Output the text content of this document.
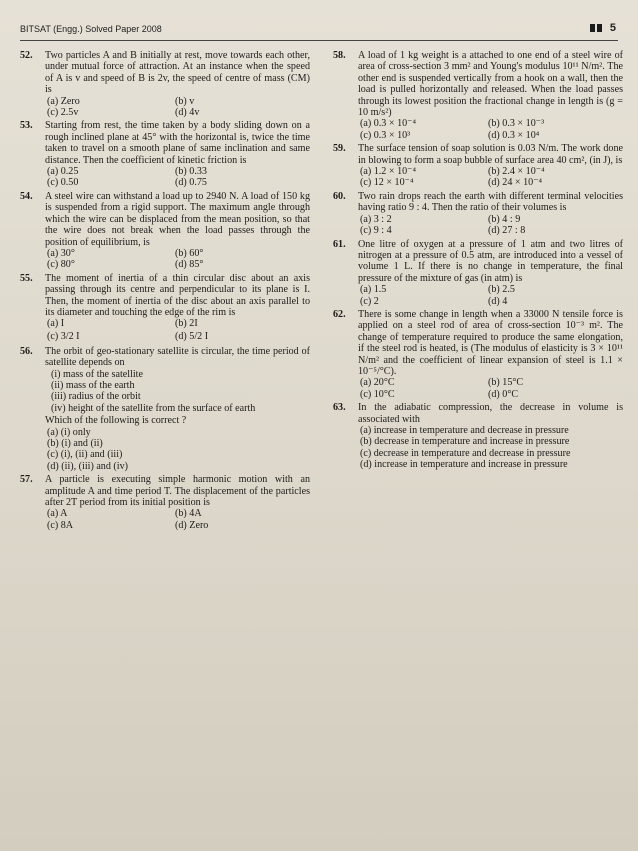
BITSAT (Engg.) Solved Paper 2008	5
52. Two particles A and B initially at rest, move towards each other, under mutual force of attraction. At an instance when the speed of A is v and speed of B is 2v, the speed of centre of mass (CM) is
(a) Zero	(b) v
(c) 2.5v	(d) 4v
53. Starting from rest, the time taken by a body sliding down on a rough inclined plane at 45° with the horizontal is, twice the time taken to travel on a smooth plane of same inclination and same distance. Then the coefficient of kinetic friction is
(a) 0.25	(b) 0.33
(c) 0.50	(d) 0.75
54. A steel wire can withstand a load up to 2940 N. A load of 150 kg is suspended from a rigid support. The maximum angle through which the wire can be displaced from the mean position, so that the wire does not break when the load passes through the position of equilibrium, is
(a) 30°	(b) 60°
(c) 80°	(d) 85°
55. The moment of inertia of a thin circular disc about an axis passing through its centre and perpendicular to its plane is I. Then, the moment of inertia of the disc about an axis parallel to its diameter and touching the edge of the rim is
(a) I	(b) 2I
(c) 3/2 I	(d) 5/2 I
56. The orbit of geo-stationary satellite is circular, the time period of satellite depends on
(i) mass of the satellite
(ii) mass of the earth
(iii) radius of the orbit
(iv) height of the satellite from the surface of earth
Which of the following is correct ?
(a) (i) only
(b) (i) and (ii)
(c) (i), (ii) and (iii)
(d) (ii), (iii) and (iv)
57. A particle is executing simple harmonic motion with an amplitude A and time period T. The displacement of the particles after 2T period from its initial position is
(a) A	(b) 4A
(c) 8A	(d) Zero
58. A load of 1 kg weight is a attached to one end of a steel wire of area of cross-section 3 mm² and Young's modulus 10¹¹ N/m². The other end is suspended vertically from a hook on a wall, then the load is pulled horizontally and released. When the load passes through its lowest position the fractional change in length is (g = 10 m/s²)
(a) 0.3 × 10⁻⁴	(b) 0.3 × 10⁻³
(c) 0.3 × 10³	(d) 0.3 × 10⁴
59. The surface tension of soap solution is 0.03 N/m. The work done in blowing to form a soap bubble of surface area 40 cm², (in J), is
(a) 1.2 × 10⁻⁴	(b) 2.4 × 10⁻⁴
(c) 12 × 10⁻⁴	(d) 24 × 10⁻⁴
60. Two rain drops reach the earth with different terminal velocities having ratio 9 : 4. Then the ratio of their volumes is
(a) 3 : 2	(b) 4 : 9
(c) 9 : 4	(d) 27 : 8
61. One litre of oxygen at a pressure of 1 atm and two litres of nitrogen at a pressure of 0.5 atm, are introduced into a vessel of volume 1 L. If there is no change in temperature, the final pressure of the mixture of gas (in atm) is
(a) 1.5	(b) 2.5
(c) 2	(d) 4
62. There is some change in length when a 33000 N tensile force is applied on a steel rod of area of cross-section 10⁻³ m². The change of temperature required to produce the same elongation, if the steel rod is heated, is (The modulus of elasticity is 3 × 10¹¹ N/m² and the coefficient of linear expansion of steel is 1.1 × 10⁻⁵/°C).
(a) 20°C	(b) 15°C
(c) 10°C	(d) 0°C
63. In the adiabatic compression, the decrease in volume is associated with
(a) increase in temperature and decrease in pressure
(b) decrease in temperature and increase in pressure
(c) decrease in temperature and decrease in pressure
(d) increase in temperature and increase in pressure
